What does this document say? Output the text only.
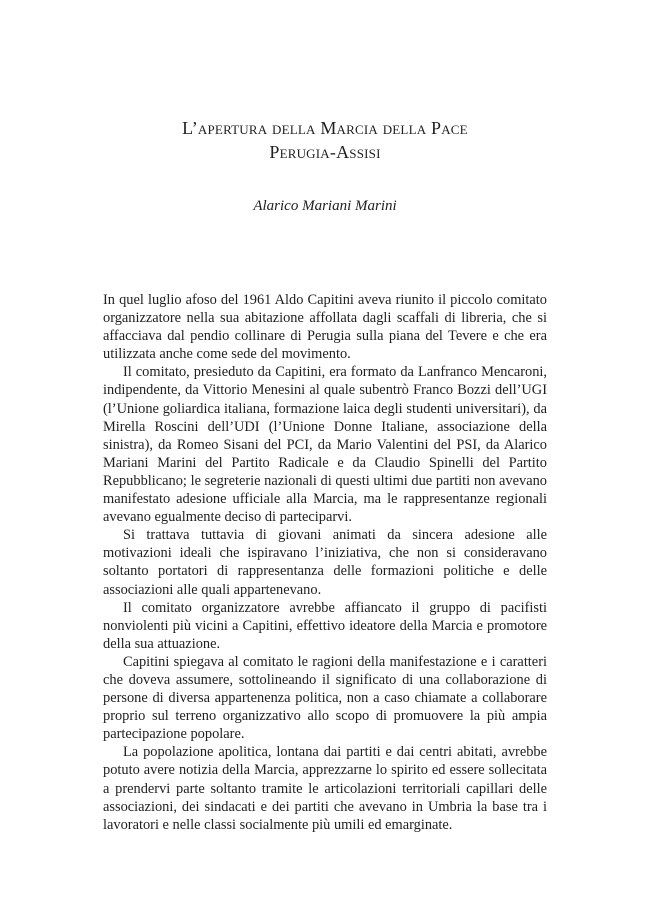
L’apertura della Marcia della Pace
Perugia-Assisi
Alarico Mariani Marini

In quel luglio afoso del 1961 Aldo Capitini aveva riunito il piccolo comitato organizzatore nella sua abitazione affollata dagli scaffali di libreria, che si affacciava dal pendio collinare di Perugia sulla piana del Tevere e che era utilizzata anche come sede del movimento.

Il comitato, presieduto da Capitini, era formato da Lanfranco Mencaroni, indipendente, da Vittorio Menesini al quale subentrò Franco Bozzi dell’UGI (l’Unione goliardica italiana, formazione laica degli studenti universitari), da Mirella Roscini dell’UDI (l’Unione Donne Italiane, associazione della sinistra), da Romeo Sisani del PCI, da Mario Valentini del PSI, da Alarico Mariani Marini del Partito Radicale e da Claudio Spinelli del Partito Repubblicano; le segreterie nazionali di questi ultimi due partiti non avevano manifestato adesione ufficiale alla Marcia, ma le rappresentanze regionali avevano egualmente deciso di parteciparvi.

Si trattava tuttavia di giovani animati da sincera adesione alle motivazioni ideali che ispiravano l’iniziativa, che non si consideravano soltanto portatori di rappresentanza delle formazioni politiche e delle associazioni alle quali appartenevano.

Il comitato organizzatore avrebbe affiancato il gruppo di pacifisti nonviolenti più vicini a Capitini, effettivo ideatore della Marcia e promotore della sua attuazione.

Capitini spiegava al comitato le ragioni della manifestazione e i caratteri che doveva assumere, sottolineando il significato di una collaborazione di persone di diversa appartenenza politica, non a caso chiamate a collaborare proprio sul terreno organizzativo allo scopo di promuovere la più ampia partecipazione popolare.

La popolazione apolitica, lontana dai partiti e dai centri abitati, avrebbe potuto avere notizia della Marcia, apprezzarne lo spirito ed essere sollecitata a prendervi parte soltanto tramite le articolazioni territoriali capillari delle associazioni, dei sindacati e dei partiti che avevano in Umbria la base tra i lavoratori e nelle classi socialmente più umili ed emarginate.
